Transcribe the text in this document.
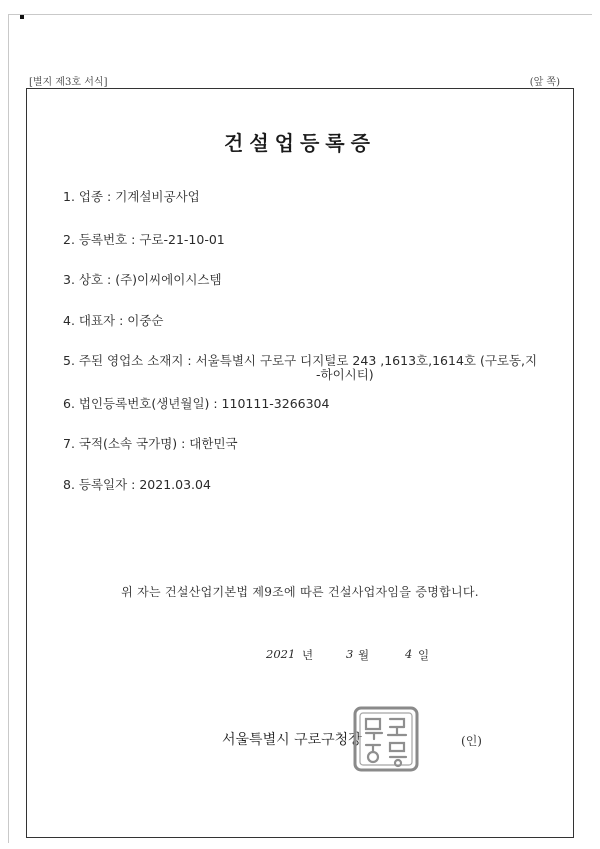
[별지 제3호 서식]	(앞 쪽)
건설업등록증
1. 업종 : 기계설비공사업
2. 등록번호 : 구로-21-10-01
3. 상호 : (주)이씨에이시스템
4. 대표자 : 이중순
5. 주된 영업소 소재지 : 서울특별시 구로구 디지털로 243 ,1613호,1614호 (구로동,지
-하이시티)
6. 법인등록번호(생년월일) : 110111-3266304
7. 국적(소속 국가명) : 대한민국
8. 등록일자 : 2021.03.04
위 자는 건설산업기본법 제9조에 따른 건설사업자임을 증명합니다.
2021 년	3 월	4 일
서울특별시 구로구청장	(인)
